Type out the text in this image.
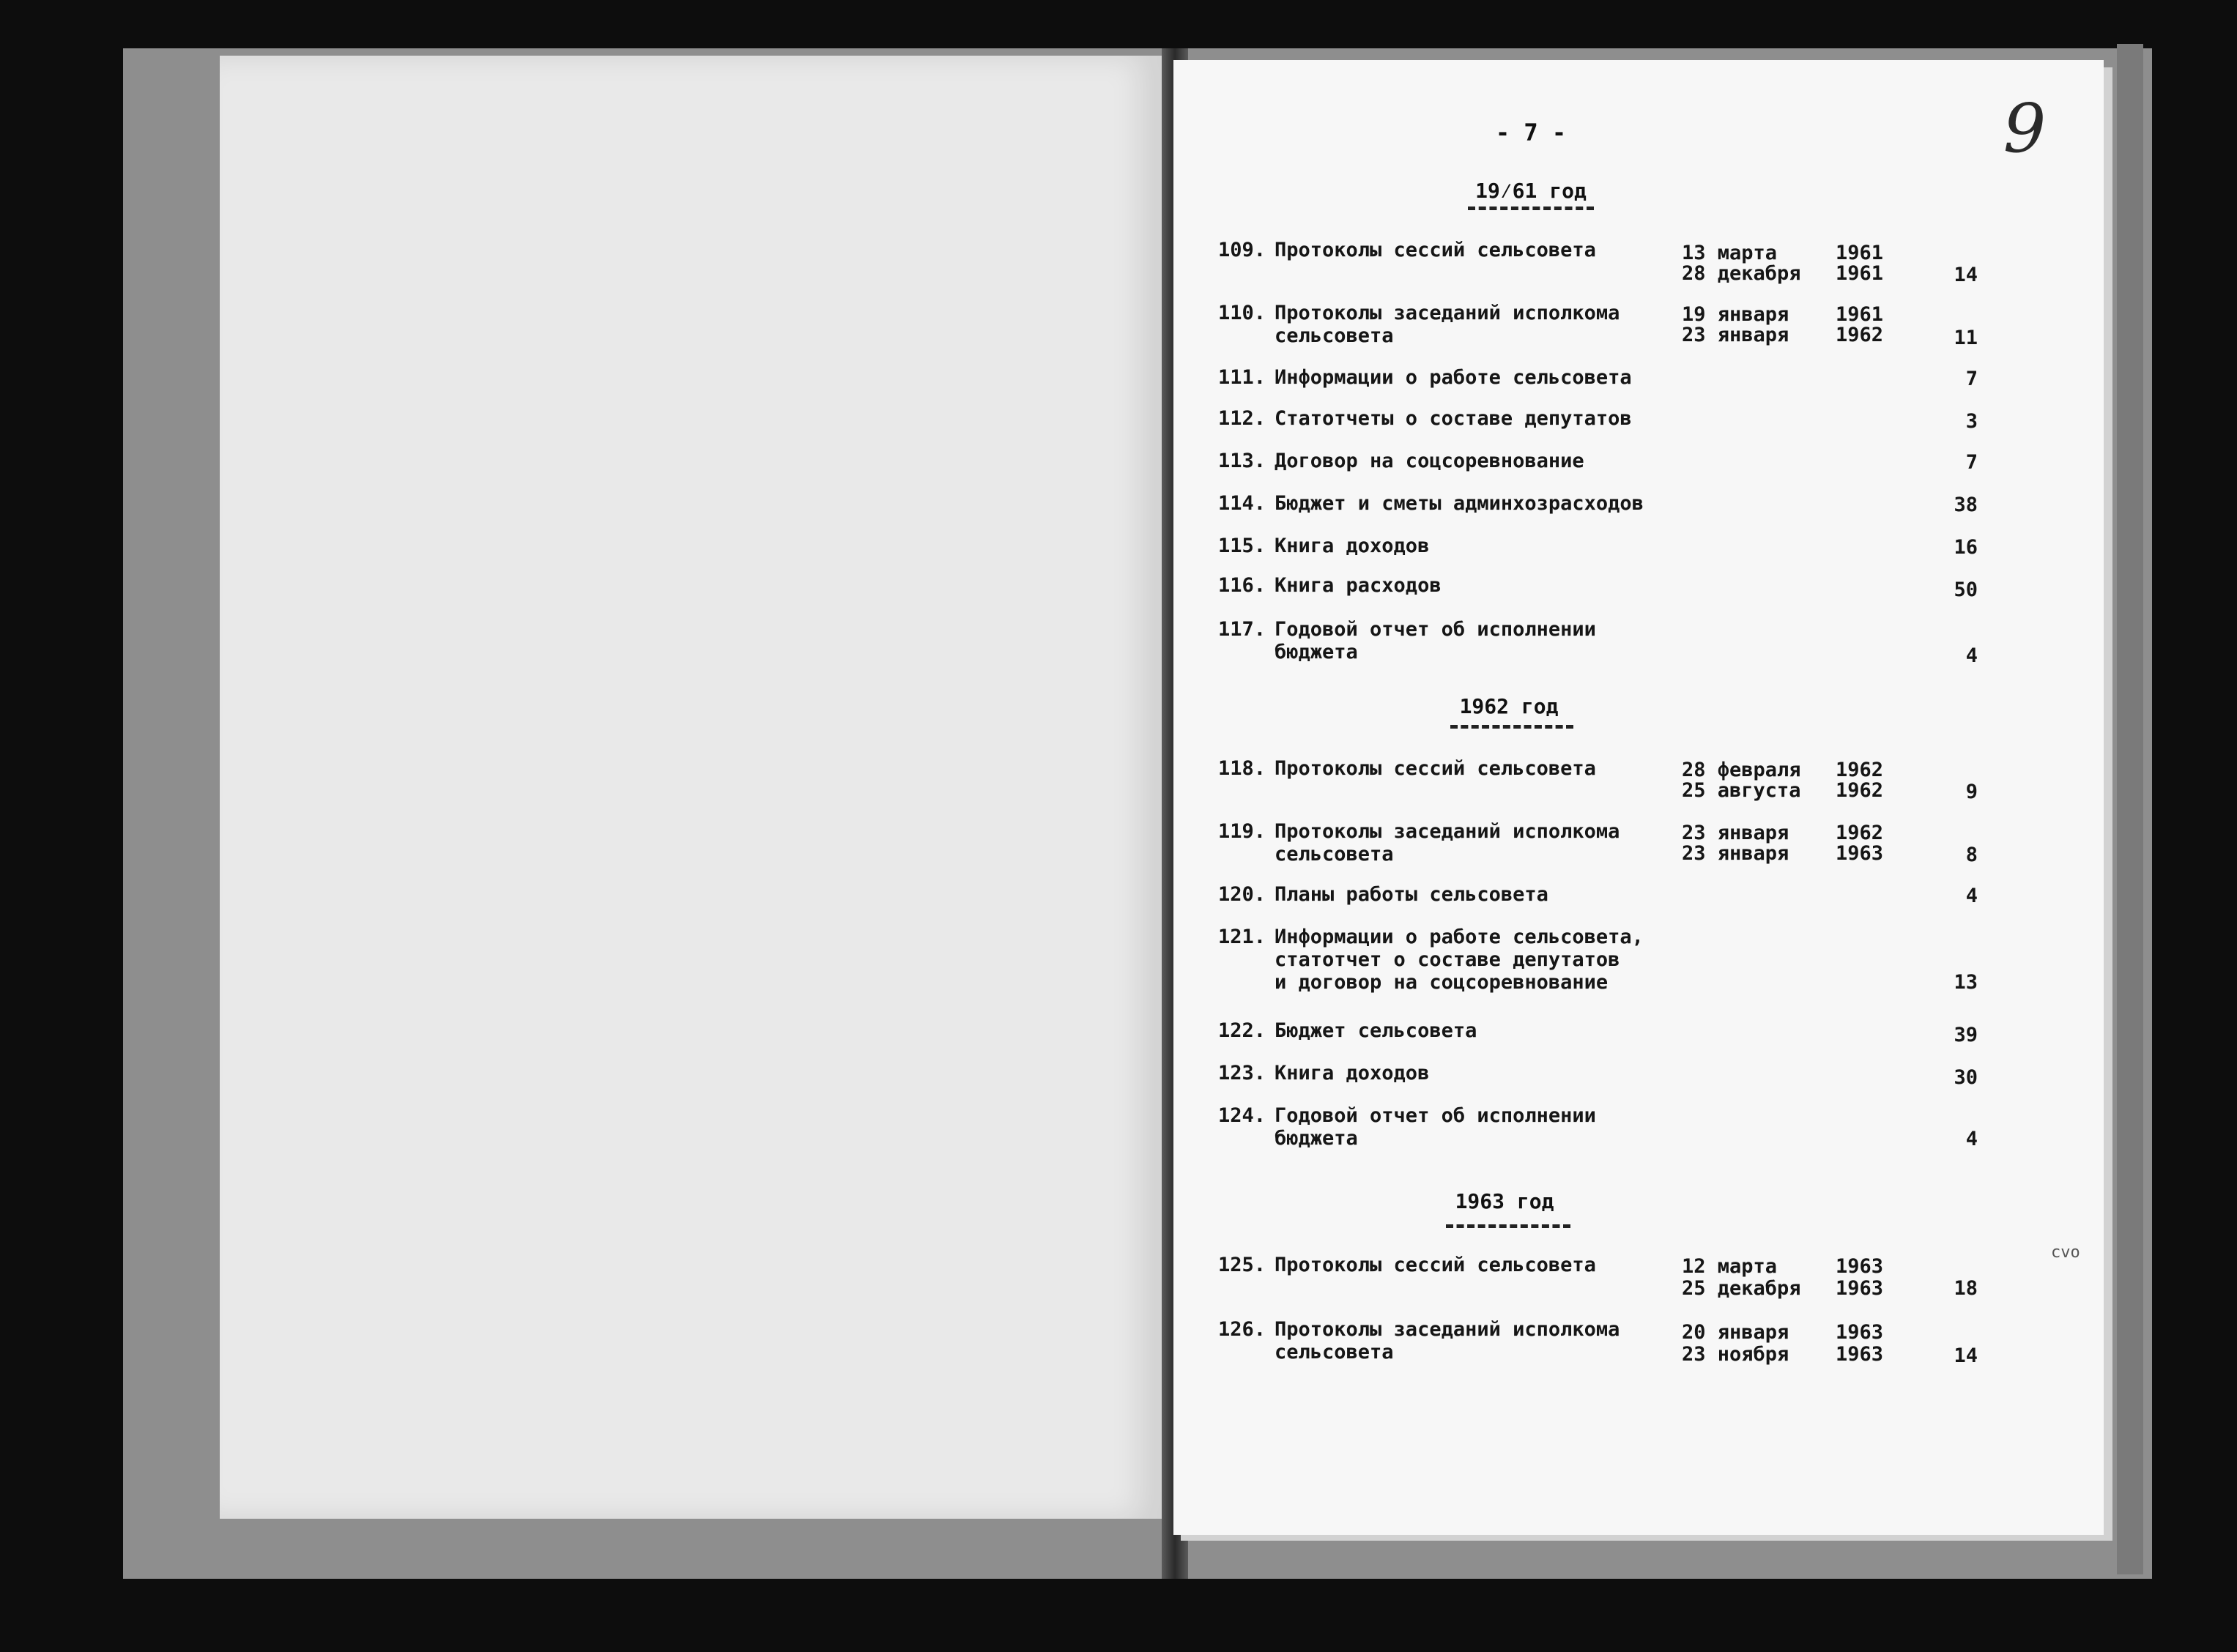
9
cvo
- 7 -
19⁄61 год
109. Протоколы сессий сельсовета	13 марта	1961
28 декабря	1961	14
110. Протоколы заседаний исполкома
сельсовета
19 января	1961
23 января	1962	11
111. Информации о работе сельсовета	7
112. Статотчеты о составе депутатов	3
113. Договор на соцсоревнование	7
114. Бюджет и сметы админхозрасходов	38
115. Книга доходов	16
116. Книга расходов	50
117. Годовой отчет об исполнении
бюджета	4
1962 год
118. Протоколы сессий сельсовета	28 февраля	1962
25 августа	1962	9
119. Протоколы заседаний исполкома
сельсовета
23 января	1962
23 января	1963	8
120. Планы работы сельсовета	4
121. Информации о работе сельсовета,
статотчет о составе депутатов
и договор на соцсоревнование	13
122. Бюджет сельсовета	39
123. Книга доходов	30
124. Годовой отчет об исполнении
бюджета	4
1963 год
125. Протоколы сессий сельсовета	12 марта	1963
25 декабря	1963	18
126. Протоколы заседаний исполкома
сельсовета
20 января	1963
23 ноября	1963	14
